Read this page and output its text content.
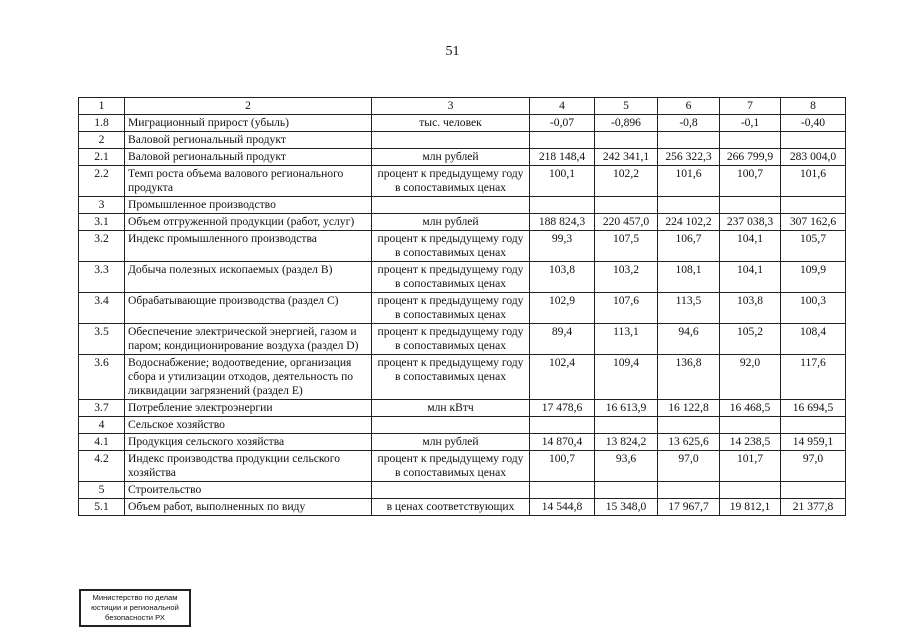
51
1	2	3	4	5	6	7	8
1.8	Миграционный прирост (убыль)	тыс. человек	-0,07	-0,896	-0,8	-0,1	-0,40
2	Валовой региональный продукт						
2.1	Валовой региональный продукт	млн рублей	218 148,4	242 341,1	256 322,3	266 799,9	283 004,0
2.2	Темп роста объема валового регионального продукта	процент к предыдущему году в сопоставимых ценах	100,1	102,2	101,6	100,7	101,6
3	Промышленное производство						
3.1	Объем отгруженной продукции (работ, услуг)	млн рублей	188 824,3	220 457,0	224 102,2	237 038,3	307 162,6
3.2	Индекс промышленного производства	процент к предыдущему году в сопоставимых ценах	99,3	107,5	106,7	104,1	105,7
3.3	Добыча полезных ископаемых (раздел B)	процент к предыдущему году в сопоставимых ценах	103,8	103,2	108,1	104,1	109,9
3.4	Обрабатывающие производства (раздел C)	процент к предыдущему году в сопоставимых ценах	102,9	107,6	113,5	103,8	100,3
3.5	Обеспечение электрической энергией, газом и паром; кондиционирование воздуха (раздел D)	процент к предыдущему году в сопоставимых ценах	89,4	113,1	94,6	105,2	108,4
3.6	Водоснабжение; водоотведение, организация сбора и утилизации отходов, деятельность по ликвидации загрязнений (раздел E)	процент к предыдущему году в сопоставимых ценах	102,4	109,4	136,8	92,0	117,6
3.7	Потребление электроэнергии	млн кВтч	17 478,6	16 613,9	16 122,8	16 468,5	16 694,5
4	Сельское хозяйство						
4.1	Продукция сельского хозяйства	млн рублей	14 870,4	13 824,2	13 625,6	14 238,5	14 959,1
4.2	Индекс производства продукции сельского хозяйства	процент к предыдущему году в сопоставимых ценах	100,7	93,6	97,0	101,7	97,0
5	Строительство						
5.1	Объем работ, выполненных по виду	в ценах соответствующих	14 544,8	15 348,0	17 967,7	19 812,1	21 377,8
Министерство по делам
юстиции и региональной
безопасности РХ
